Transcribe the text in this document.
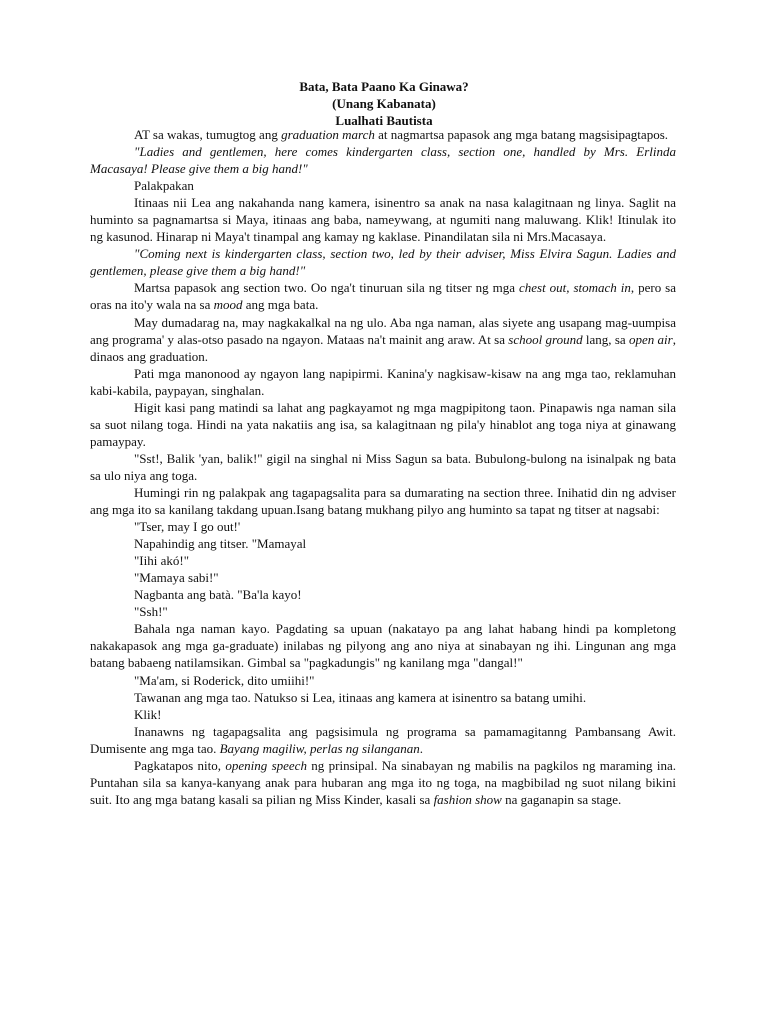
Bata, Bata Paano Ka Ginawa?
(Unang Kabanata)
Lualhati Bautista

AT sa wakas, tumugtog ang graduation march at nagmartsa papasok ang mga batang magsisipagtapos.

"Ladies and gentlemen, here comes kindergarten class, section one, handled by Mrs. Erlinda Macasaya! Please give them a big hand!"

Palakpakan

Itinaas nii Lea ang nakahanda nang kamera, isinentro sa anak na nasa kalagitnaan ng linya. Saglit na huminto sa pagnamartsa si Maya, itinaas ang baba, nameywang, at ngumiti nang maluwang. Klik! Itinulak ito ng kasunod. Hinarap ni Maya't tinampal ang kamay ng kaklase. Pinandilatan sila ni Mrs.Macasaya.

"Coming next is kindergarten class, section two, led by their adviser, Miss Elvira Sagun. Ladies and gentlemen, please give them a big hand!"

Martsa papasok ang section two. Oo nga't tinuruan sila ng titser ng mga chest out, stomach in, pero sa oras na ito'y wala na sa mood ang mga bata.

May dumadarag na, may nagkakalkal na ng ulo. Aba nga naman, alas siyete ang usapang mag-uumpisa ang programa' y alas-otso pasado na ngayon. Mataas na't mainit ang araw. At sa school ground lang, sa open air, dinaos ang graduation.

Pati mga manonood ay ngayon lang napipirmi. Kanina'y nagkisaw-kisaw na ang mga tao, reklamuhan kabi-kabila, paypayan, singhalan.

Higit kasi pang matindi sa lahat ang pagkayamot ng mga magpipitong taon. Pinapawis nga naman sila sa suot nilang toga. Hindi na yata nakatiis ang isa, sa kalagitnaan ng pila'y hinablot ang toga niya at ginawang pamaypay.

"Sst!, Balik 'yan, balik!" gigil na singhal ni Miss Sagun sa bata. Bubulong-bulong na isinalpak ng bata sa ulo niya ang toga.

Humingi rin ng palakpak ang tagapagsalita para sa dumarating na section three. Inihatid din ng adviser ang mga ito sa kanilang takdang upuan.Isang batang mukhang pilyo ang huminto sa tapat ng titser at nagsabi:

"Tser, may I go out!'

Napahindig ang titser. "Mamayal

"Iihi akó!"

"Mamaya sabi!"

Nagbanta ang batà. "Ba'la kayo!

"Ssh!"

Bahala nga naman kayo. Pagdating sa upuan (nakatayo pa ang lahat habang hindi pa kompletong nakakapasok ang mga ga-graduate) inilabas ng pilyong ang ano niya at sinabayan ng ihi. Lingunan ang mga batang babaeng natilamsikan. Gimbal sa "pagkadungis" ng kanilang mga "dangal!"

"Ma'am, si Roderick, dito umiihi!"

Tawanan ang mga tao. Natukso si Lea, itinaas ang kamera at isinentro sa batang umihi.

Klik!

Inanawns ng tagapagsalita ang pagsisimula ng programa sa pamamagitanng Pambansang Awit. Dumisente ang mga tao. Bayang magiliw, perlas ng silanganan.

Pagkatapos nito, opening speech ng prinsipal. Na sinabayan ng mabilis na pagkilos ng maraming ina. Puntahan sila sa kanya-kanyang anak para hubaran ang mga ito ng toga, na magbibilad ng suot nilang bikini suit. Ito ang mga batang kasali sa pilian ng Miss Kinder, kasali sa fashion show na gaganapin sa stage.
